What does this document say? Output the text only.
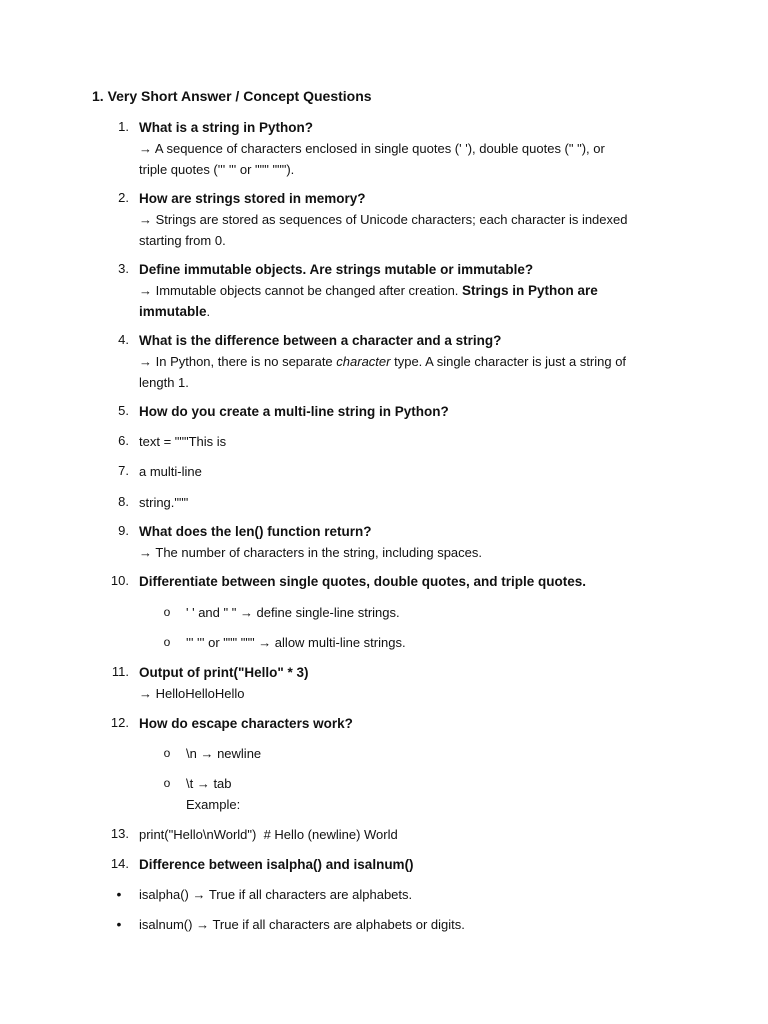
1. Very Short Answer / Concept Questions
1. What is a string in Python?
→ A sequence of characters enclosed in single quotes (' '), double quotes (" "), or
triple quotes (''' ''' or """ """).
2. How are strings stored in memory?
→ Strings are stored as sequences of Unicode characters; each character is indexed
starting from 0.
3. Define immutable objects. Are strings mutable or immutable?
→ Immutable objects cannot be changed after creation. Strings in Python are
immutable.
4. What is the difference between a character and a string?
→ In Python, there is no separate character type. A single character is just a string of
length 1.
5. How do you create a multi-line string in Python?
6. text = """This is
7. a multi-line
8. string."""
9. What does the len() function return?
→ The number of characters in the string, including spaces.
10. Differentiate between single quotes, double quotes, and triple quotes.
o ' ' and " " → define single-line strings.
o ''' ''' or """ """ → allow multi-line strings.
11. Output of print("Hello" * 3)
→ HelloHelloHello
12. How do escape characters work?
o \n → newline
o \t → tab
Example:
13. print("Hello\nWorld")  # Hello (newline) World
14. Difference between isalpha() and isalnum()
•	isalpha() → True if all characters are alphabets.
•	isalnum() → True if all characters are alphabets or digits.
